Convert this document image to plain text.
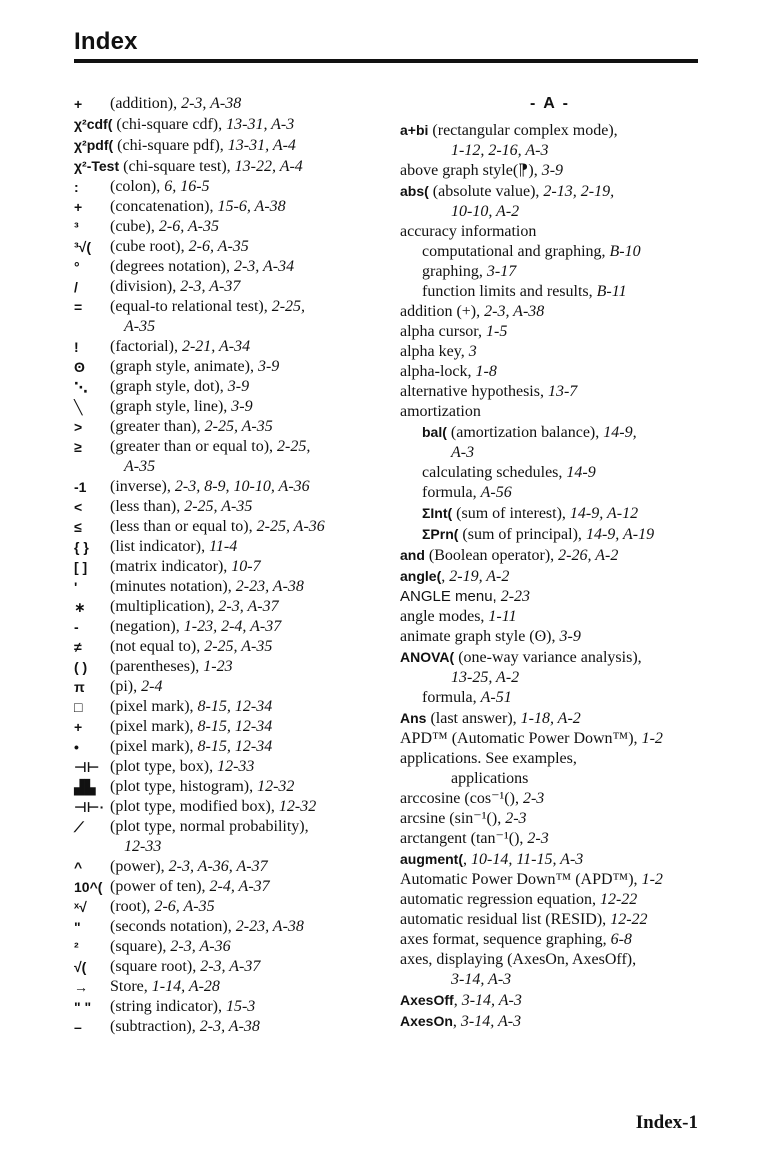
Index
+	(addition), 2-3, A-38
χ²cdf( (chi-square cdf), 13-31, A-3
χ²pdf( (chi-square pdf), 13-31, A-4
χ²-Test (chi-square test), 13-22, A-4
:	(colon), 6, 16-5
+	(concatenation), 15-6, A-38
³	(cube), 2-6, A-35
³√(	(cube root), 2-6, A-35
°	(degrees notation), 2-3, A-34
/	(division), 2-3, A-37
=	(equal-to relational test), 2-25,
A-35
!	(factorial), 2-21, A-34
ʘ	(graph style, animate), 3-9
⋱	(graph style, dot), 3-9
╲	(graph style, line), 3-9
>	(greater than), 2-25, A-35
≥	(greater than or equal to), 2-25,
A-35
-1	(inverse), 2-3, 8-9, 10-10, A-36
<	(less than), 2-25, A-35
≤	(less than or equal to), 2-25, A-36
{ }	(list indicator), 11-4
[ ]	(matrix indicator), 10-7
'	(minutes notation), 2-23, A-38
∗	(multiplication), 2-3, A-37
-	(negation), 1-23, 2-4, A-37
≠	(not equal to), 2-25, A-35
( )	(parentheses), 1-23
π	(pi), 2-4
□	(pixel mark), 8-15, 12-34
+	(pixel mark), 8-15, 12-34
•	(pixel mark), 8-15, 12-34
⊣⊢ (plot type, box), 12-33
▟▙ (plot type, histogram), 12-32
⊣⊢· (plot type, modified box), 12-32
⟋	(plot type, normal probability),
12-33
^	(power), 2-3, A-36, A-37
10^( (power of ten), 2-4, A-37
ˣ√	(root), 2-6, A-35
"	(seconds notation), 2-23, A-38
²	(square), 2-3, A-36
√(	(square root), 2-3, A-37
→	Store, 1-14, A-28
" "	(string indicator), 15-3
–	(subtraction), 2-3, A-38
- A -
a+bi (rectangular complex mode),
1-12, 2-16, A-3
above graph style(⁋), 3-9
abs( (absolute value), 2-13, 2-19,
10-10, A-2
accuracy information
computational and graphing, B-10
graphing, 3-17
function limits and results, B-11
addition (+), 2-3, A-38
alpha cursor, 1-5
alpha key, 3
alpha-lock, 1-8
alternative hypothesis, 13-7
amortization
bal( (amortization balance), 14-9,
A-3
calculating schedules, 14-9
formula, A-56
ΣInt( (sum of interest), 14-9, A-12
ΣPrn( (sum of principal), 14-9, A-19
and (Boolean operator), 2-26, A-2
angle(, 2-19, A-2
ANGLE menu, 2-23
angle modes, 1-11
animate graph style (ʘ), 3-9
ANOVA( (one-way variance analysis),
13-25, A-2
formula, A-51
Ans (last answer), 1-18, A-2
APD™ (Automatic Power Down™), 1-2
applications. See examples,
applications
arccosine (cos⁻¹(), 2-3
arcsine (sin⁻¹(), 2-3
arctangent (tan⁻¹(), 2-3
augment(, 10-14, 11-15, A-3
Automatic Power Down™ (APD™), 1-2
automatic regression equation, 12-22
automatic residual list (RESID), 12-22
axes format, sequence graphing, 6-8
axes, displaying (AxesOn, AxesOff),
3-14, A-3
AxesOff, 3-14, A-3
AxesOn, 3-14, A-3
Index-1
